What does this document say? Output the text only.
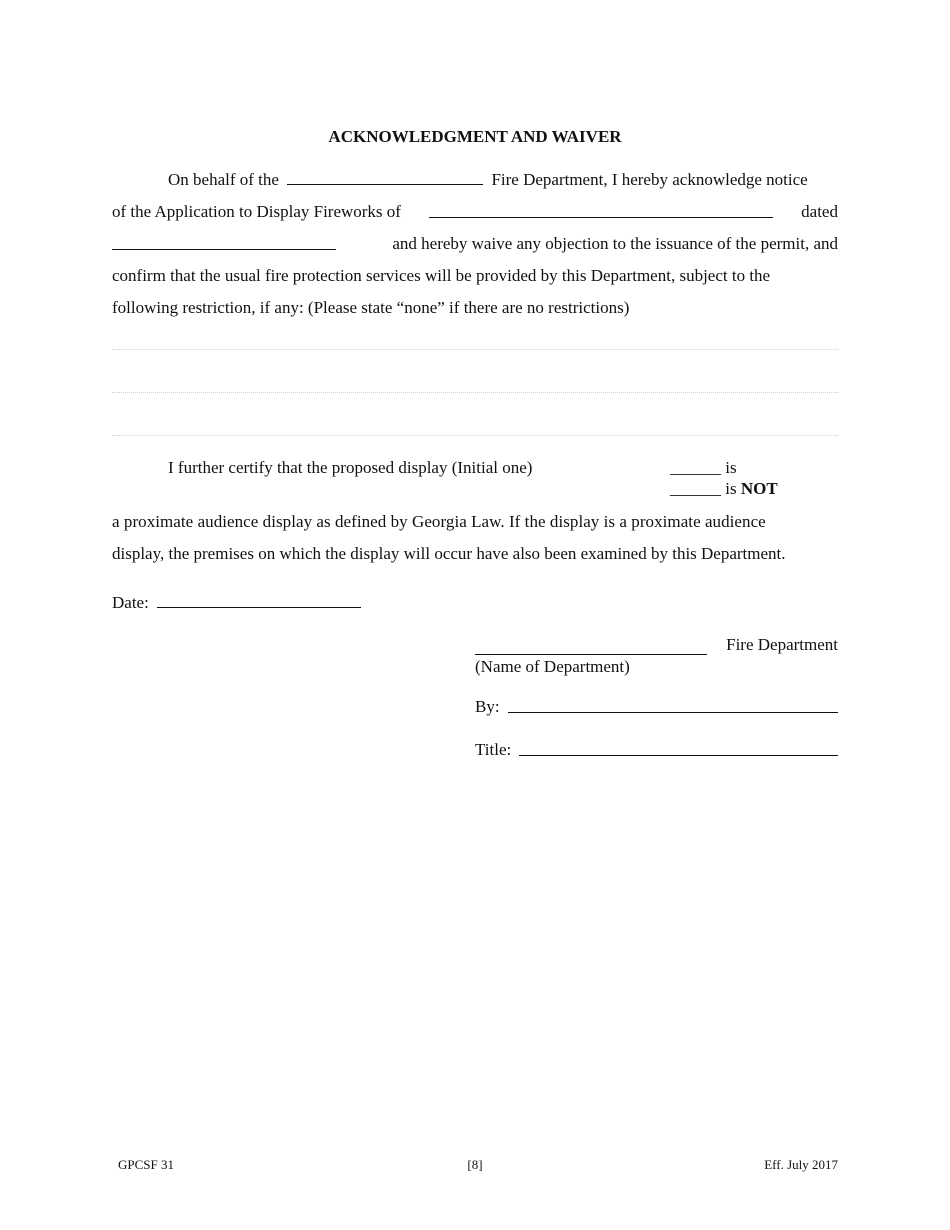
ACKNOWLEDGMENT AND WAIVER
On behalf of the	Fire Department, I hereby acknowledge notice
of the Application to Display Fireworks of	dated
and hereby waive any objection to the issuance of the permit, and
confirm that the usual fire protection services will be provided by this Department, subject to the
following restriction, if any: (Please state “none” if there are no restrictions)
I further certify that the proposed display (Initial one)	______ is
______ is NOT
a proximate audience display as defined by Georgia Law. If the display is a proximate audience
display, the premises on which the display will occur have also been examined by this Department.
Date:
Fire Department
(Name of Department)
By:
Title:
GPCSF 31	[8]	Eff. July 2017
